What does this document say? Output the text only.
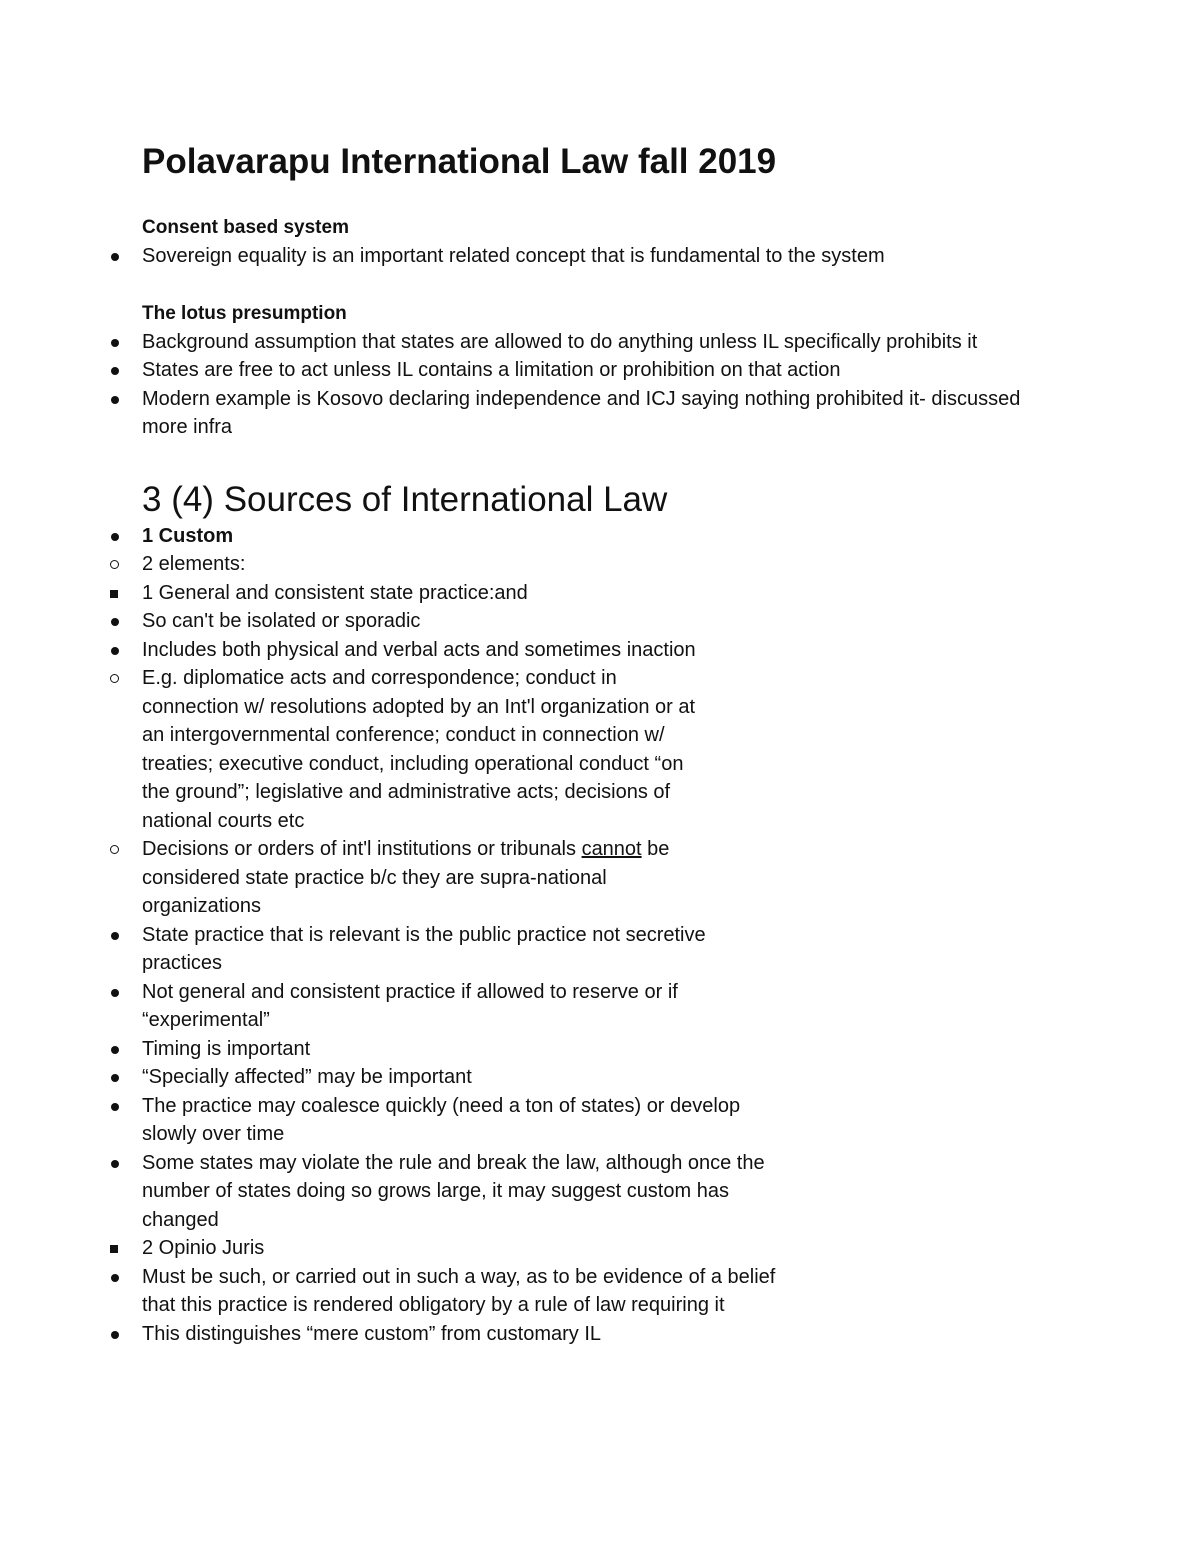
Polavarapu International Law fall 2019
Consent based system
Sovereign equality is an important related concept that is fundamental to the system
The lotus presumption
Background assumption that states are allowed to do anything unless IL specifically prohibits it
States are free to act unless IL contains a limitation or prohibition on that action
Modern example is Kosovo declaring independence and ICJ saying nothing prohibited it- discussed more infra
3 (4) Sources of International Law
1 Custom
2 elements:
1 General and consistent state practice:and
So can't be isolated or sporadic
Includes both physical and verbal acts and sometimes inaction
E.g. diplomatice acts and correspondence; conduct in connection w/ resolutions adopted by an Int'l organization or at an intergovernmental conference; conduct in connection w/ treaties; executive conduct, including operational conduct “on the ground”; legislative and administrative acts; decisions of national courts etc
Decisions or orders of int'l institutions or tribunals cannot be considered state practice b/c they are supra-national organizations
State practice that is relevant is the public practice not secretive practices
Not general and consistent practice if allowed to reserve or if “experimental”
Timing is important
“Specially affected” may be important
The practice may coalesce quickly (need a ton of states) or develop slowly over time
Some states may violate the rule and break the law, although once the number of states doing so grows large, it may suggest custom has changed
2 Opinio Juris
Must be such, or carried out in such a way, as to be evidence of a belief that this practice is rendered obligatory by a rule of law requiring it
This distinguishes “mere custom” from customary IL
